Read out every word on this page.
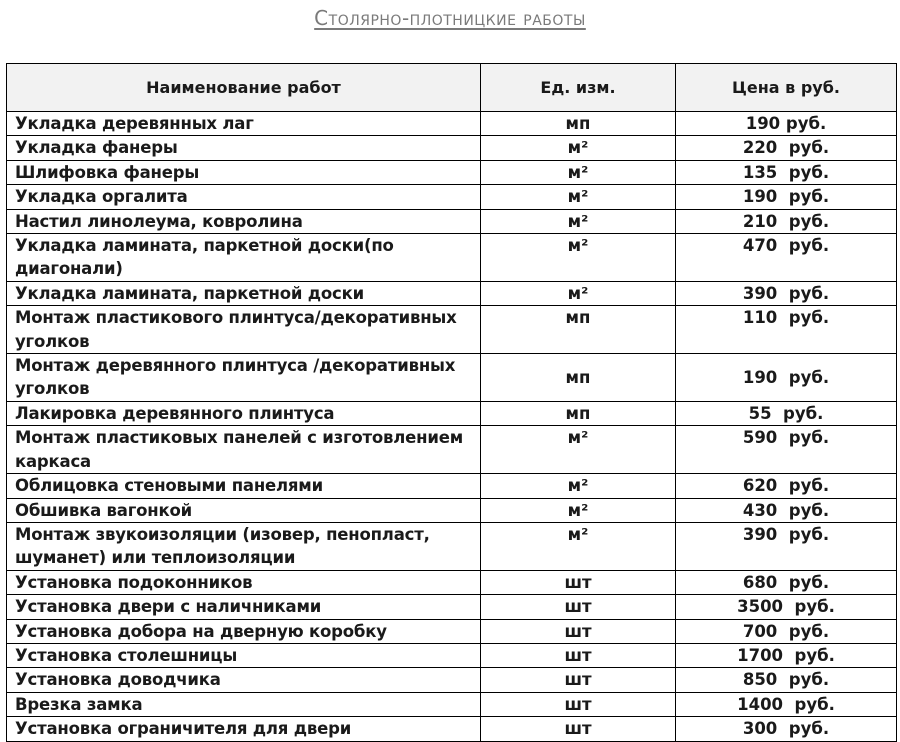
Столярно-плотницкие работы
Наименование работ	Ед. изм.	Цена в руб.
Укладка деревянных лаг	мп	190 руб.
Укладка фанеры	м²	220  руб.
Шлифовка фанеры	м²	135  руб.
Укладка оргалита	м²	190  руб.
Настил линолеума, ковролина	м²	210  руб.
Укладка ламината, паркетной доски(по диагонали)	м²	470  руб.
Укладка ламината, паркетной доски	м²	390  руб.
Монтаж пластикового плинтуса/декоративных уголков	мп	110  руб.
Монтаж деревянного плинтуса /декоративных уголков	мп	190  руб.
Лакировка деревянного плинтуса	мп	55  руб.
Монтаж пластиковых панелей с изготовлением каркаса	м²	590  руб.
Облицовка стеновыми панелями	м²	620  руб.
Обшивка вагонкой	м²	430  руб.
Монтаж звукоизоляции (изовер, пенопласт, шуманет) или теплоизоляции	м²	390  руб.
Установка подоконников	шт	680  руб.
Установка двери с наличниками	шт	3500  руб.
Установка добора на дверную коробку	шт	700  руб.
Установка столешницы	шт	1700  руб.
Установка доводчика	шт	850  руб.
Врезка замка	шт	1400  руб.
Установка ограничителя для двери	шт	300  руб.
